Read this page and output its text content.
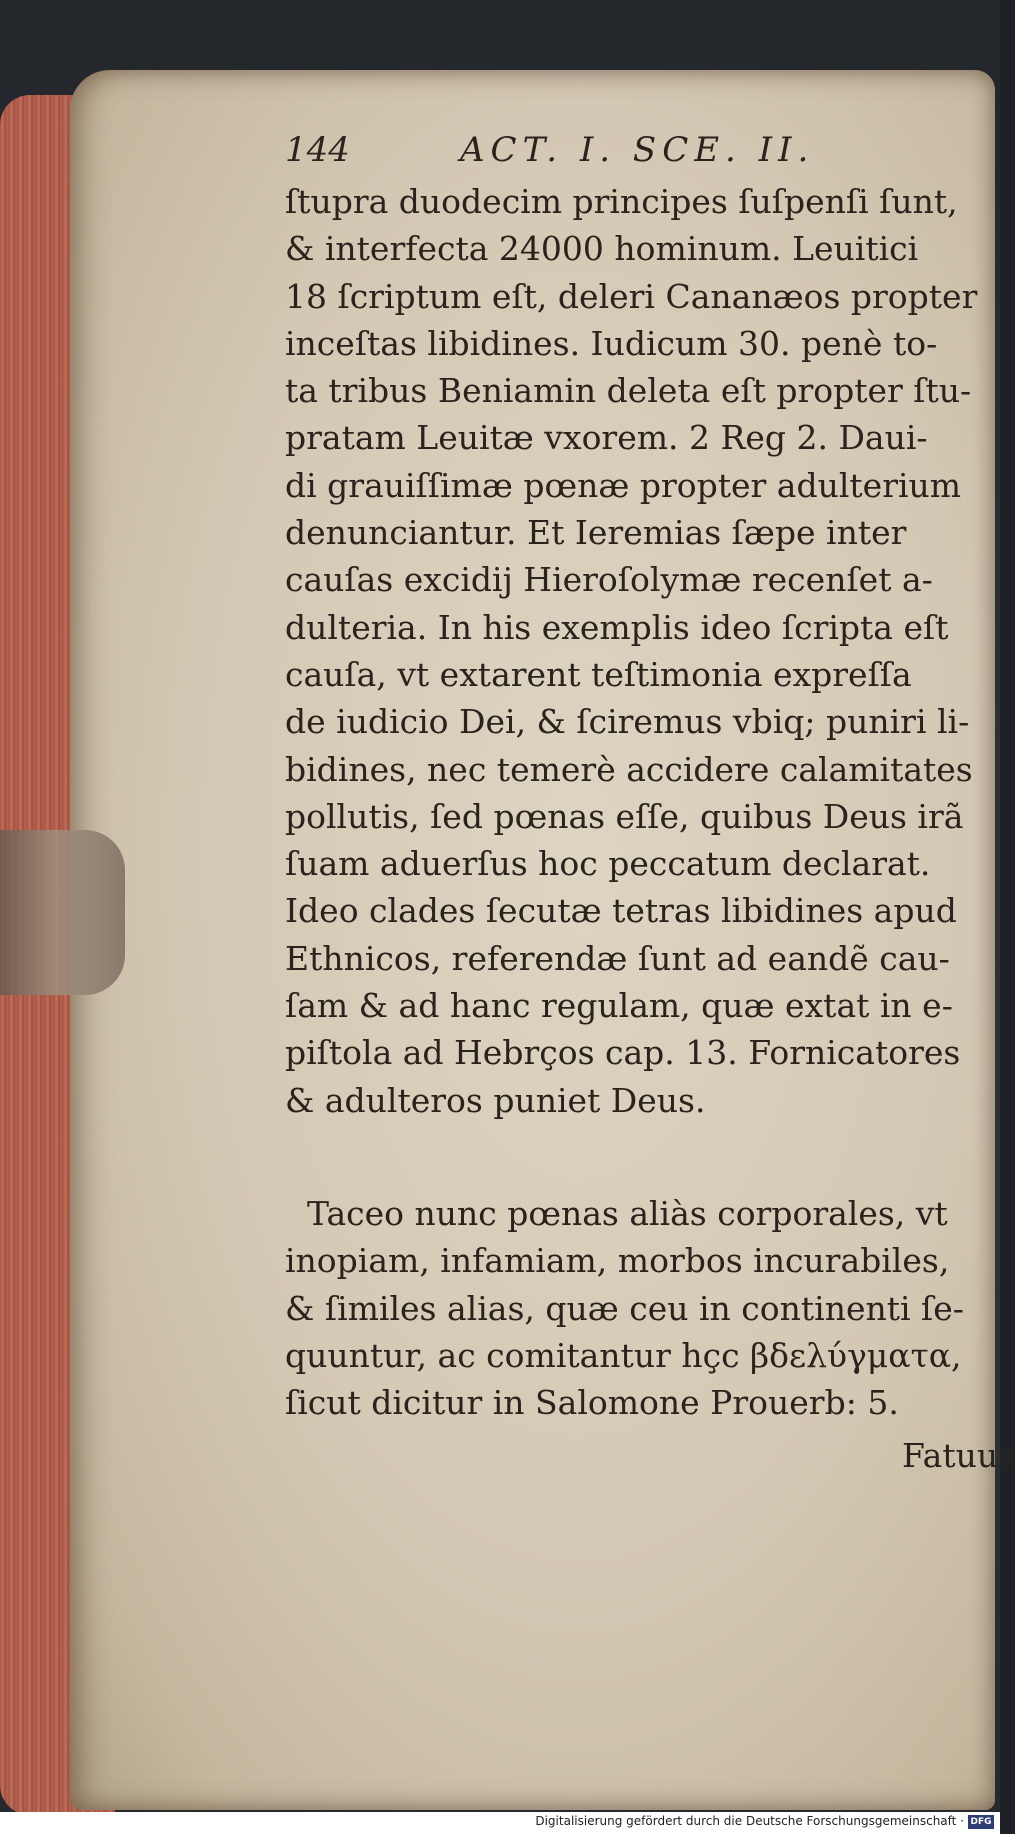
144	ACT. I. SCE. II.
ſtupra duodecim principes ſuſpenſi ſunt,
& interfecta 24000 hominum. Leuitici
18 ſcriptum eſt, deleri Cananæos propter
inceſtas libidines. Iudicum 30. penè to-
ta tribus Beniamin deleta eſt propter ſtu-
pratam Leuitæ vxorem. 2 Reg 2. Daui-
di grauiſſimæ pœnæ propter adulterium
denunciantur. Et Ieremias ſæpe inter
cauſas excidij Hieroſolymæ recenſet a-
dulteria. In his exemplis ideo ſcripta eſt
cauſa, vt extarent teſtimonia expreſſa
de iudicio Dei, & ſciremus vbiq; puniri li-
bidines, nec temerè accidere calamitates
pollutis, ſed pœnas eſſe, quibus Deus irã
ſuam aduerſus hoc peccatum declarat.
Ideo clades ſecutæ tetras libidines apud
Ethnicos, referendæ ſunt ad eandẽ cau-
ſam & ad hanc regulam, quæ extat in e-
piſtola ad Hebrços cap. 13. Fornicatores
& adulteros puniet Deus.
Taceo nunc pœnas aliàs corporales, vt
inopiam, infamiam, morbos incurabiles,
& ſimiles alias, quæ ceu in continenti ſe-
quuntur, ac comitantur hçc βδελύγματα,
ſicut dicitur in Salomone Prouerb: 5.
Fatuus
Digitalisierung gefördert durch die Deutsche Forschungsgemeinschaft · DFG
